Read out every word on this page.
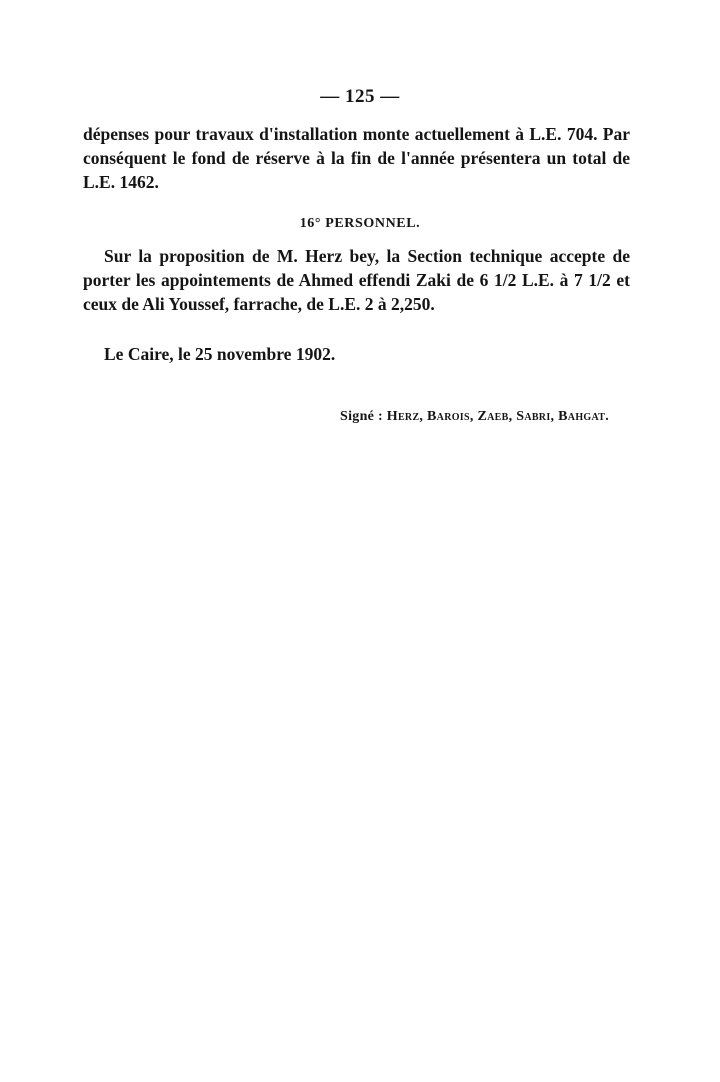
— 125 —
dépenses pour travaux d'installation monte actuellement à L.E. 704. Par conséquent le fond de réserve à la fin de l'année présentera un total de L.E. 1462.
16° PERSONNEL.
Sur la proposition de M. Herz bey, la Section technique accepte de porter les appointements de Ahmed effendi Zaki de 6 1/2 L.E. à 7 1/2 et ceux de Ali Youssef, farrache, de L.E. 2 à 2,250.
Le Caire, le 25 novembre 1902.
Signé : Herz, Barois, Zaeb, Sabri, Bahgat.
